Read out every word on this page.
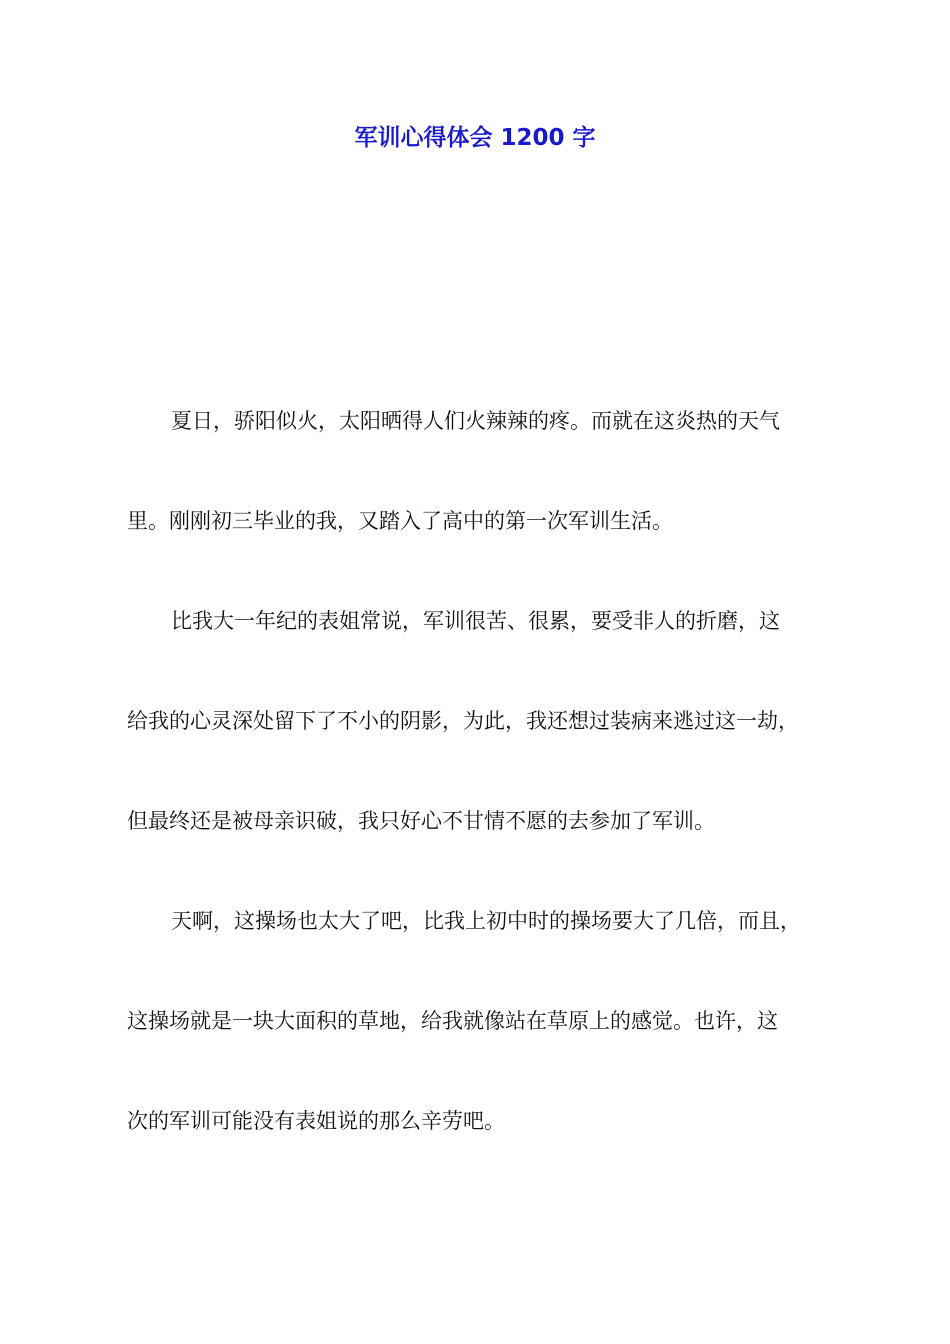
军训心得体会 1200 字
夏日，骄阳似火，太阳晒得人们火辣辣的疼。而就在这炎热的天气
里。刚刚初三毕业的我，又踏入了高中的第一次军训生活。
比我大一年纪的表姐常说，军训很苦、很累，要受非人的折磨，这
给我的心灵深处留下了不小的阴影，为此，我还想过装病来逃过这一劫，
但最终还是被母亲识破，我只好心不甘情不愿的去参加了军训。
天啊，这操场也太大了吧，比我上初中时的操场要大了几倍，而且，
这操场就是一块大面积的草地，给我就像站在草原上的感觉。也许，这
次的军训可能没有表姐说的那么辛劳吧。
